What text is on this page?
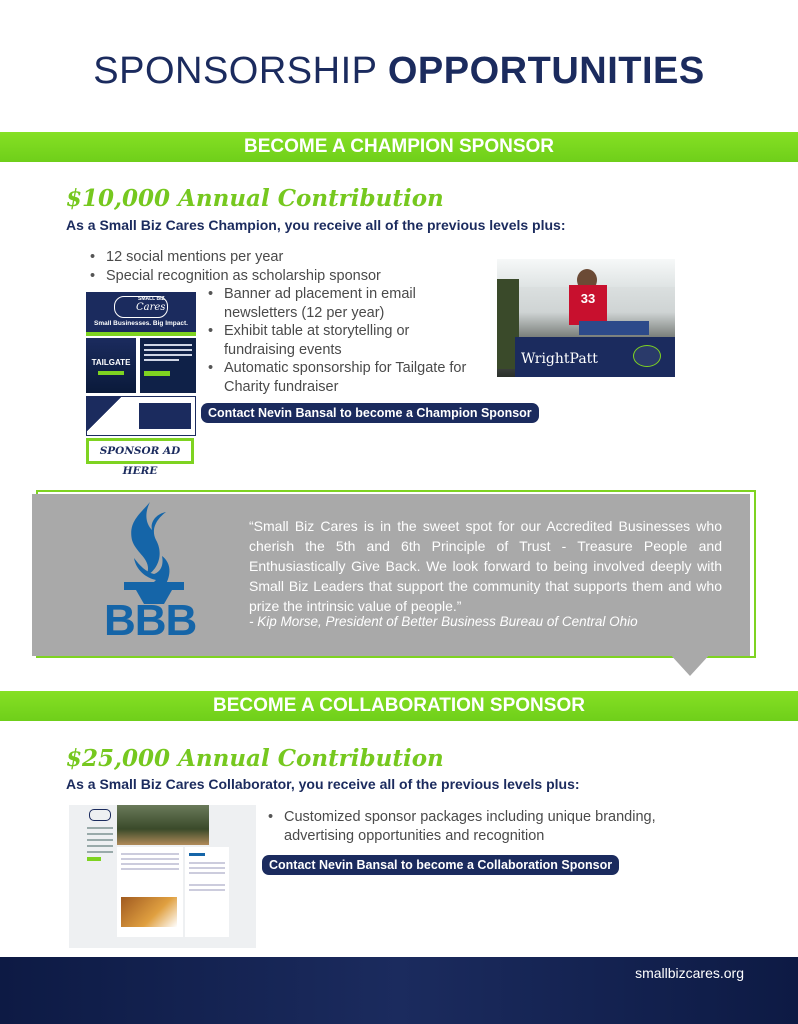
SPONSORSHIP OPPORTUNITIES
BECOME A CHAMPION SPONSOR
$10,000 Annual Contribution
As a Small Biz Cares Champion, you receive all of the previous levels plus:
• 12 social mentions per year
• Special recognition as scholarship sponsor
SMALL BIZ
Cares
Small Businesses. Big Impact.
TAILGATE
SPONSOR AD HERE
• Banner ad placement in email newsletters (12 per year)
• Exhibit table at storytelling or fundraising events
• Automatic sponsorship for Tailgate for Charity fundraiser
Contact Nevin Bansal to become a Champion Sponsor
33
WrightPatt
BBB
“Small Biz Cares is in the sweet spot for our Accredited Businesses who cherish the 5th and 6th Principle of Trust - Treasure People and Enthusiastically Give Back. We look forward to being involved deeply with Small Biz Leaders that support the community that supports them and who prize the intrinsic value of people.”
- Kip Morse, President of Better Business Bureau of Central Ohio
BECOME A COLLABORATION SPONSOR
$25,000 Annual Contribution
As a Small Biz Cares Collaborator, you receive all of the previous levels plus:
• Customized sponsor packages including unique branding, advertising opportunities and recognition
Contact Nevin Bansal to become a Collaboration Sponsor
smallbizcares.org
